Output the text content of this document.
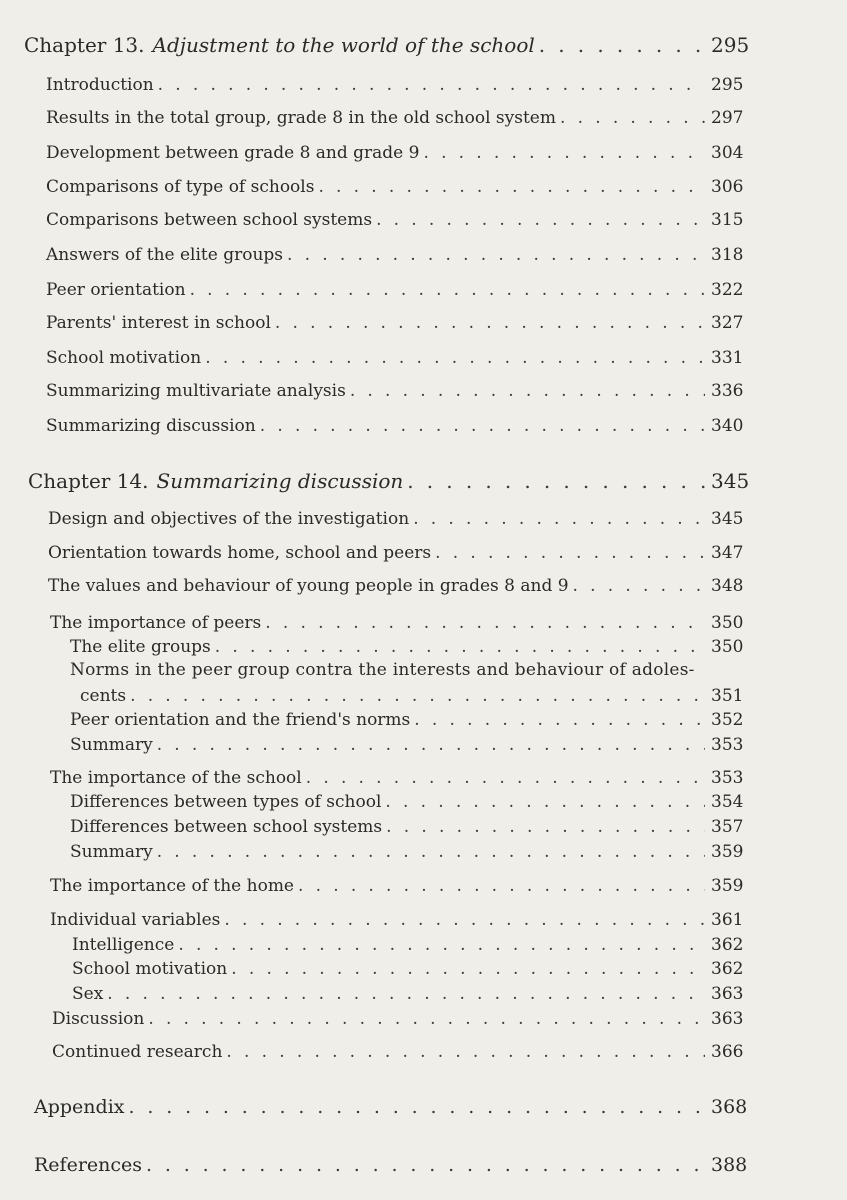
Chapter 13. Adjustment to the world of the school . . .	295
Introduction . . .	295
Results in the total group, grade 8 in the old school system . . .	297
Development between grade 8 and grade 9 . . .	304
Comparisons of type of schools . . .	306
Comparisons between school systems . . .	315
Answers of the elite groups . . .	318
Peer orientation . . .	322
Parents' interest in school . . .	327
School motivation . . .	331
Summarizing multivariate analysis . . .	336
Summarizing discussion . . .	340
Chapter 14. Summarizing discussion . . .	345
Design and objectives of the investigation . . .	345
Orientation towards home, school and peers . . .	347
The values and behaviour of young people in grades 8 and 9 . . .	348
The importance of peers . . .	350
The elite groups . . .	350
Norms in the peer group contra the interests and behaviour of adoles-
cents . . .	351
Peer orientation and the friend's norms . . .	352
Summary . . .	353
The importance of the school . . .	353
Differences between types of school . . .	354
Differences between school systems . . .	357
Summary . . .	359
The importance of the home . . .	359
Individual variables . . .	361
Intelligence . . .	362
School motivation . . .	362
Sex . . .	363
Discussion . . .	363
Continued research . . .	366
Appendix . . .	368
References . . .	388
